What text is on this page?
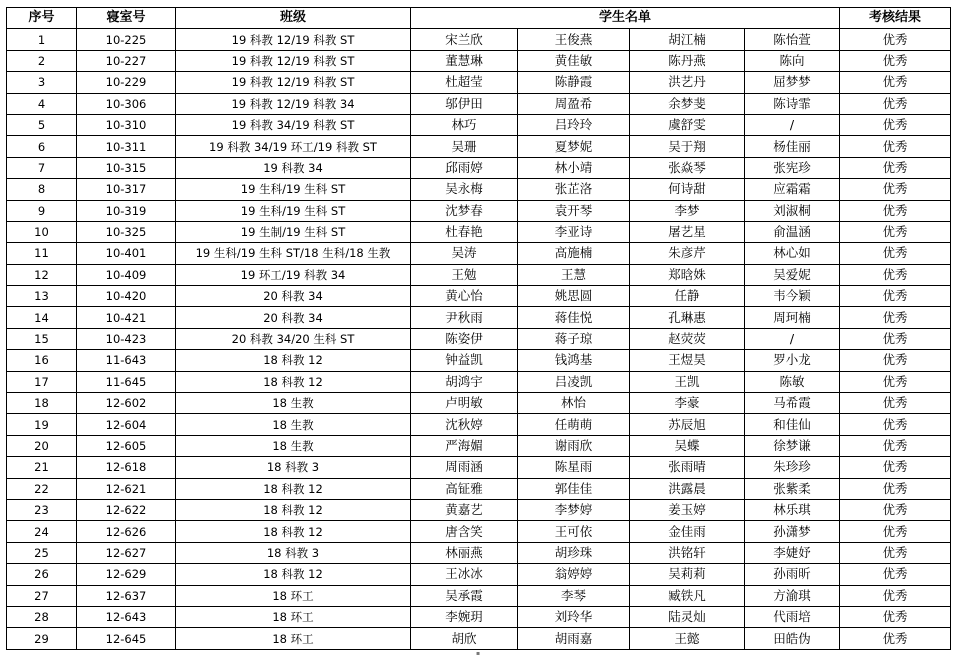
序号	寝室号	班级	学生名单				考核结果
1	10-225	19 科教 12/19 科教 ST	宋兰欣	王俊燕	胡江楠	陈怡萱	优秀
2	10-227	19 科教 12/19 科教 ST	董慧琳	黄佳敏	陈丹燕	陈向	优秀
3	10-229	19 科教 12/19 科教 ST	杜超莹	陈静霞	洪艺丹	屈梦梦	优秀
4	10-306	19 科教 12/19 科教 34	邬伊田	周盈希	余梦斐	陈诗霏	优秀
5	10-310	19 科教 34/19 科教 ST	林巧	吕玲玲	虞舒雯	/	优秀
6	10-311	19 科教 34/19 环工/19 科教 ST	吴珊	夏梦妮	吴于翔	杨佳丽	优秀
7	10-315	19 科教 34	邱雨婷	林小靖	张焱琴	张宪珍	优秀
8	10-317	19 生科/19 生科 ST	吴永梅	张芷洛	何诗甜	应霜霜	优秀
9	10-319	19 生科/19 生科 ST	沈梦春	袁开琴	李梦	刘淑桐	优秀
10	10-325	19 生制/19 生科 ST	杜春艳	李亚诗	屠艺星	俞温涵	优秀
11	10-401	19 生科/19 生科 ST/18 生科/18 生教	吴涛	高施楠	朱彦芹	林心如	优秀
12	10-409	19 环工/19 科教 34	王勉	王慧	郑晗姝	吴爱妮	优秀
13	10-420	20 科教 34	黄心怡	姚思圆	任静	韦今颖	优秀
14	10-421	20 科教 34	尹秋雨	蒋佳悦	孔琳惠	周珂楠	优秀
15	10-423	20 科教 34/20 生科 ST	陈姿伊	蒋子琼	赵荧荧	/	优秀
16	11-643	18 科教 12	钟益凯	钱鸿基	王煜昊	罗小龙	优秀
17	11-645	18 科教 12	胡鸿宇	吕凌凯	王凯	陈敏	优秀
18	12-602	18 生教	卢明敏	林怡	李豪	马希霞	优秀
19	12-604	18 生教	沈秋婷	任萌萌	苏辰旭	和佳仙	优秀
20	12-605	18 生教	严海媚	谢雨欣	吴蝶	徐梦谦	优秀
21	12-618	18 科教 3	周雨涵	陈星雨	张雨晴	朱珍珍	优秀
22	12-621	18 科教 12	高钲雅	郭佳佳	洪露晨	张紫柔	优秀
23	12-622	18 科教 12	黄嘉艺	李梦婷	姜玉婷	林乐琪	优秀
24	12-626	18 科教 12	唐含笑	王可依	金佳雨	孙潇梦	优秀
25	12-627	18 科教 3	林丽燕	胡珍珠	洪铭轩	李婕妤	优秀
26	12-629	18 科教 12	王冰冰	翁婷婷	吴莉莉	孙雨昕	优秀
27	12-637	18 环工	吴承霞	李琴	臧铁凡	方渝琪	优秀
28	12-643	18 环工	李婉玥	刘玲华	陆灵灿	代雨培	优秀
29	12-645	18 环工	胡欣	胡雨嘉	王懿	田皓伪	优秀
▪
